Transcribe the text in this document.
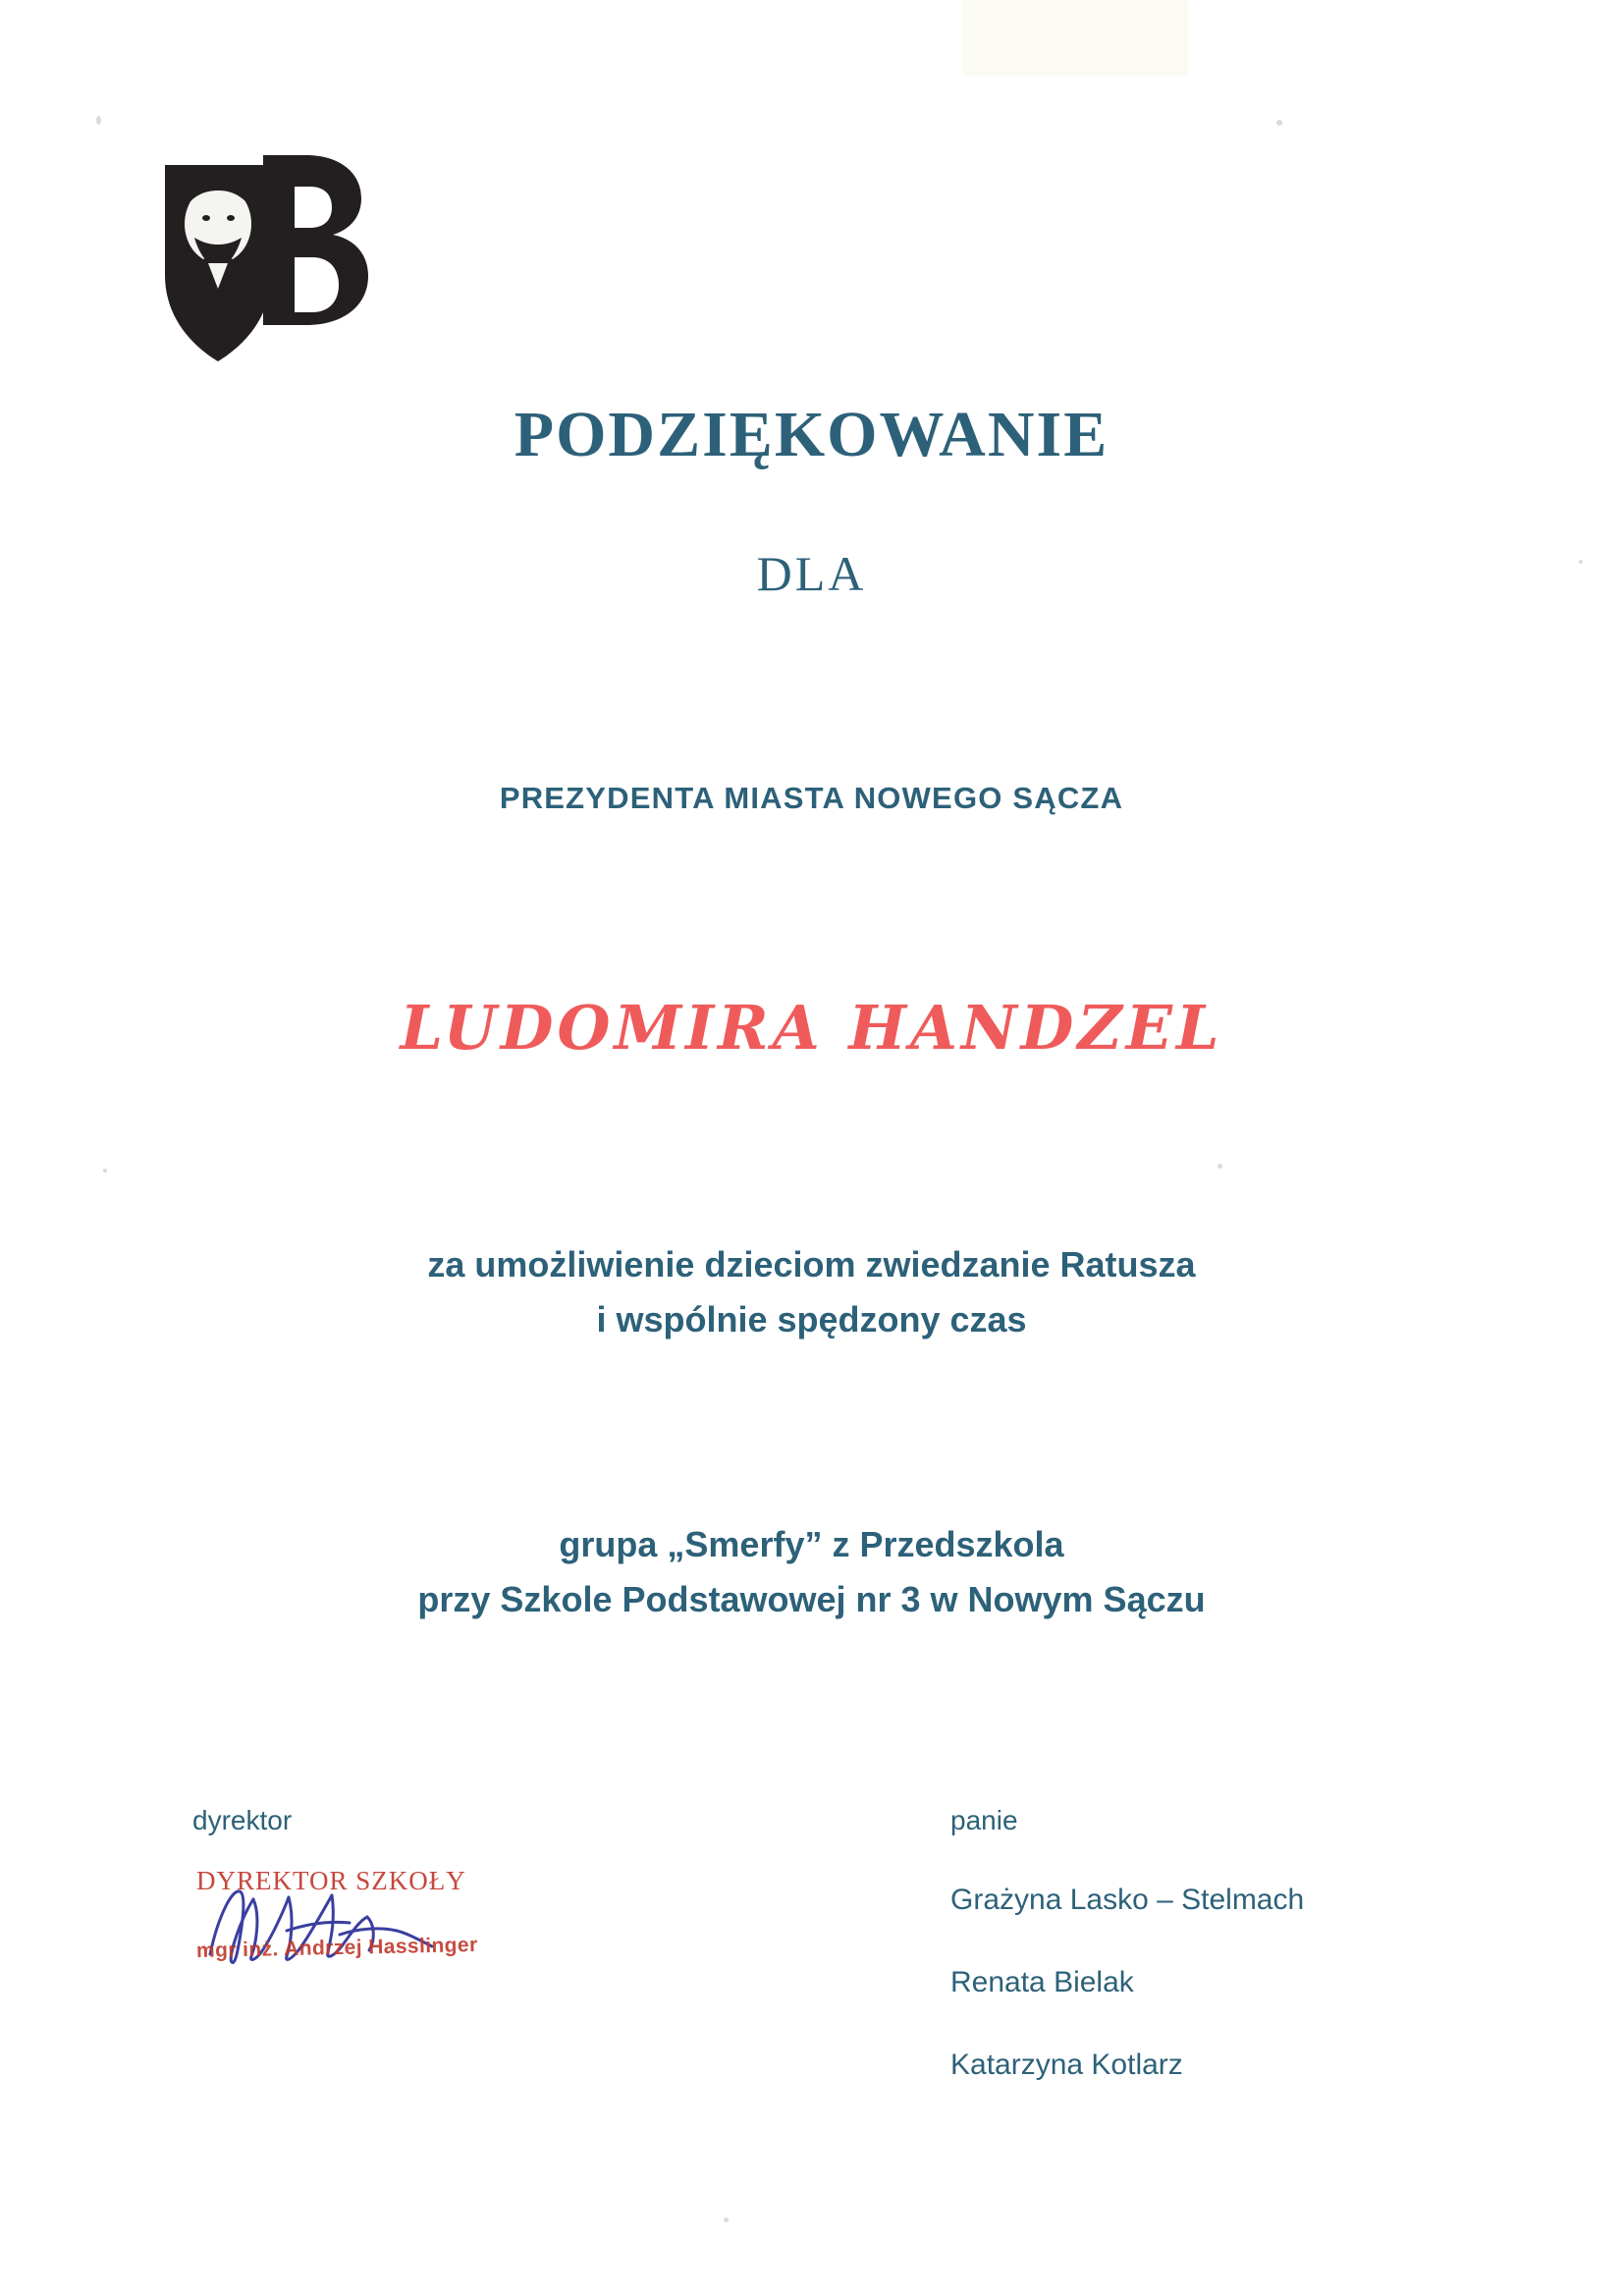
PODZIĘKOWANIE
DLA
PREZYDENTA MIASTA NOWEGO SĄCZA
LUDOMIRA HANDZEL
za umożliwienie dzieciom zwiedzanie Ratusza
i wspólnie spędzony czas
grupa „Smerfy” z Przedszkola
przy Szkole Podstawowej nr 3 w Nowym Sączu
dyrektor
DYREKTOR SZKOŁY
mgr inż. Andrzej Hasslinger
panie
Grażyna Lasko – Stelmach
Renata Bielak
Katarzyna Kotlarz
